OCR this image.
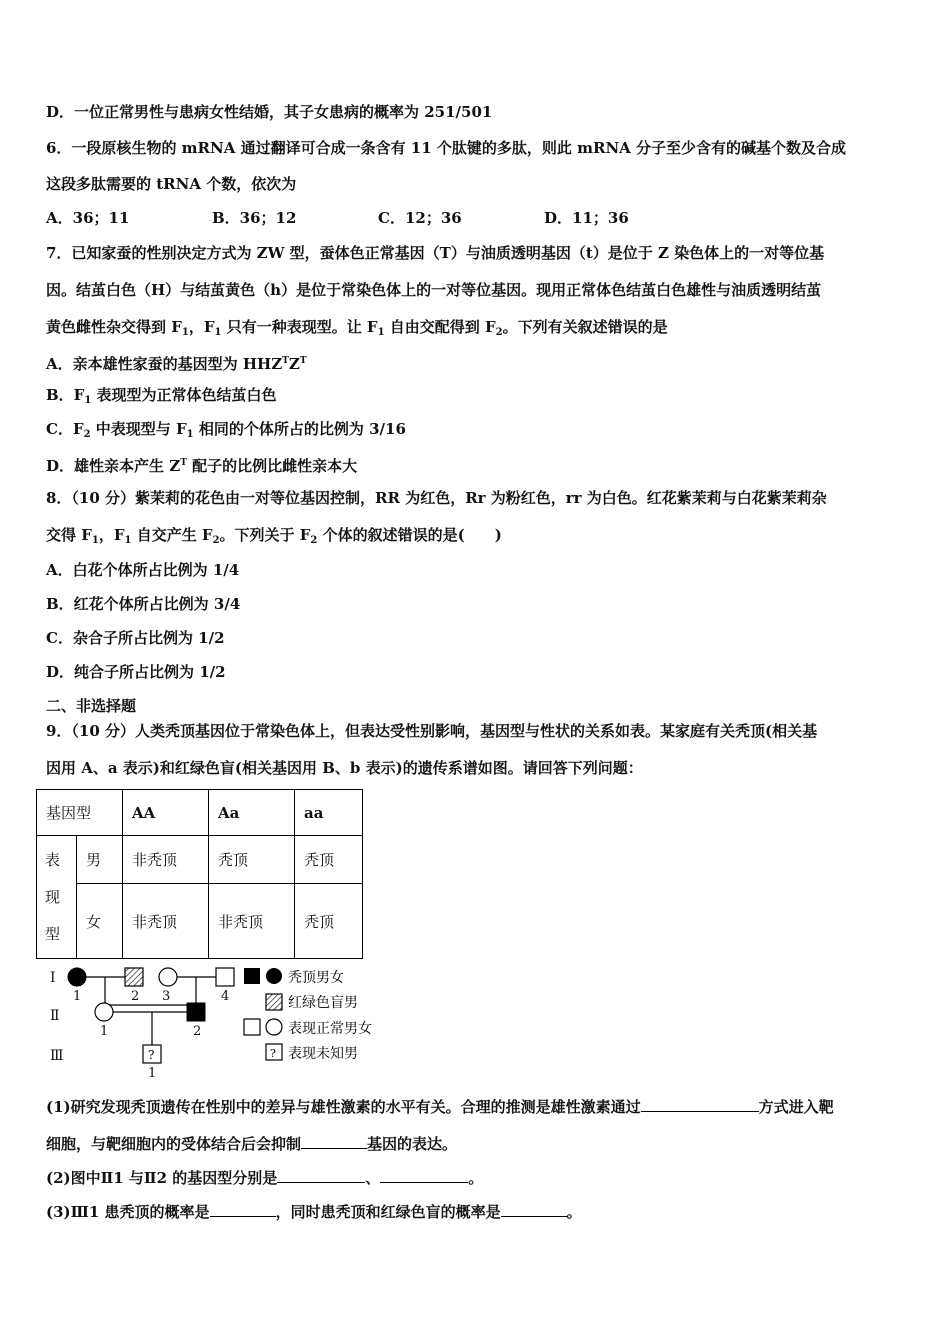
D．一位正常男性与患病女性结婚，其子女患病的概率为 251/501
6．一段原核生物的 mRNA 通过翻译可合成一条含有 11 个肽键的多肽，则此 mRNA 分子至少含有的碱基个数及合成
这段多肽需要的 tRNA 个数，依次为
A．36；11	B．36；12	C．12；36	D．11；36
7．已知家蚕的性别决定方式为 ZW 型，蚕体色正常基因（T）与油质透明基因（t）是位于 Z 染色体上的一对等位基
因。结茧白色（H）与结茧黄色（h）是位于常染色体上的一对等位基因。现用正常体色结茧白色雄性与油质透明结茧
黄色雌性杂交得到 $F_1$，$F_1$ 只有一种表现型。让 $F_1$ 自由交配得到 $F_2$。下列有关叙述错误的是
A．亲本雄性家蚕的基因型为 $HHZ^TZ^T$
B．$F_1$ 表现型为正常体色结茧白色
C．$F_2$ 中表现型与 $F_1$ 相同的个体所占的比例为 3/16
D．雄性亲本产生 $Z^T$ 配子的比例比雌性亲本大
8．（10 分）紫茉莉的花色由一对等位基因控制，RR 为红色，Rr 为粉红色，rr 为白色。红花紫茉莉与白花紫茉莉杂
交得 $F_1$，$F_1$ 自交产生 $F_2$。下列关于 $F_2$ 个体的叙述错误的是(　　)
A．白花个体所占比例为 1/4
B．红花个体所占比例为 3/4
C．杂合子所占比例为 1/2
D．纯合子所占比例为 1/2
二、非选择题
9．（10 分）人类秃顶基因位于常染色体上，但表达受性别影响，基因型与性状的关系如表。某家庭有关秃顶(相关基
因用 A、a 表示)和红绿色盲(相关基因用 B、b 表示)的遗传系谱如图。请回答下列问题：
基因型		AA	Aa	aa
表
现
型	男	非秃顶	秃顶	秃顶
	女	非秃顶	非秃顶	秃顶
Ⅰ
Ⅱ
Ⅲ	?
1	2 3	4
1	2
1
秃顶男女
红绿色盲男
表现正常男女
? 表现未知男
(1)研究发现秃顶遗传在性别中的差异与雄性激素的水平有关。合理的推测是雄性激素通过	方式进入靶
细胞，与靶细胞内的受体结合后会抑制	基因的表达。
(2)图中Ⅱ1 与Ⅱ2 的基因型分别是	、	。
(3)Ⅲ1 患秃顶的概率是	，同时患秃顶和红绿色盲的概率是	。
